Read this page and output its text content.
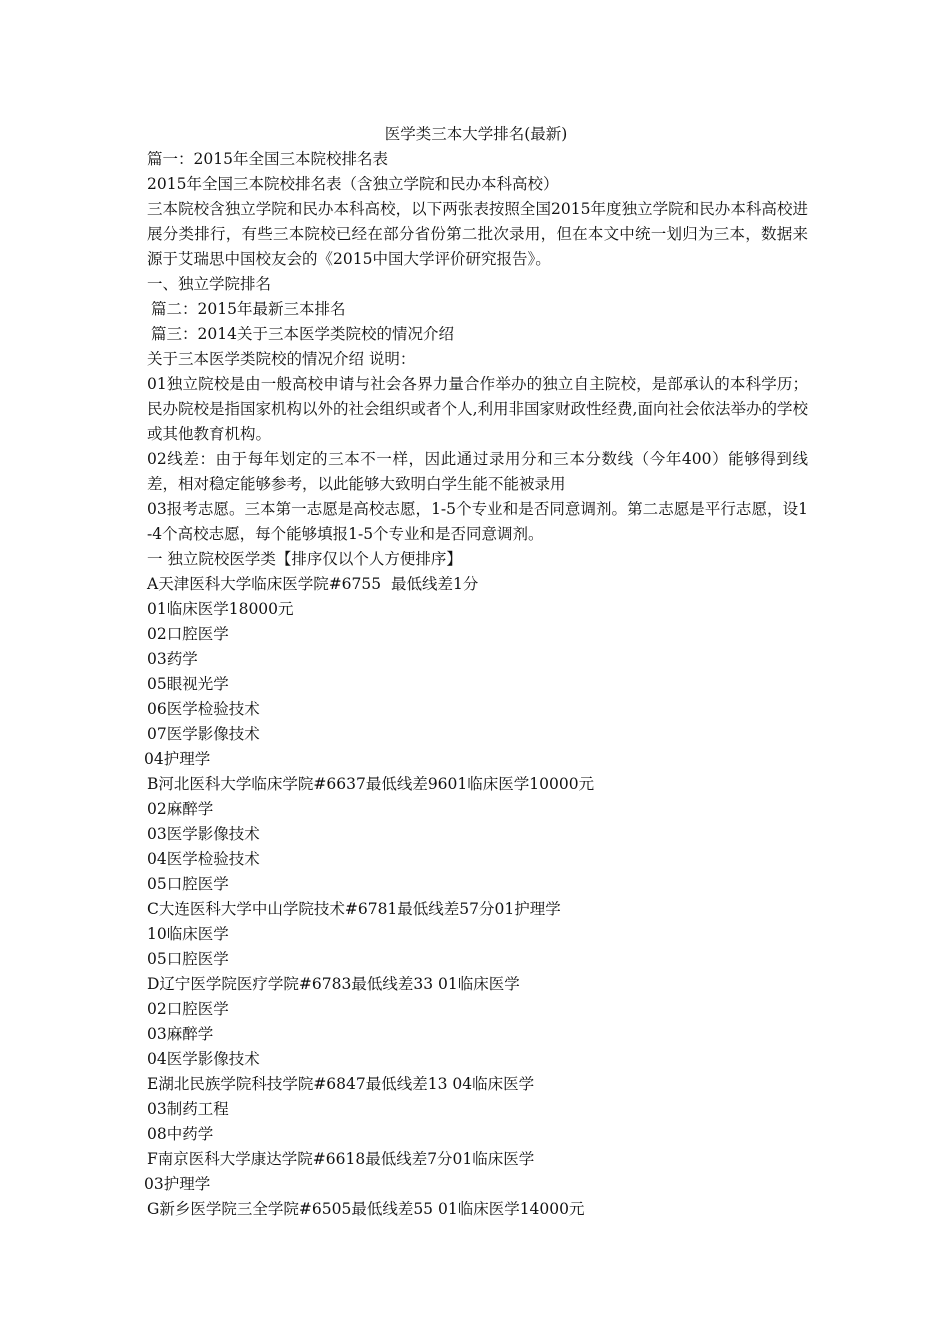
医学类三本大学排名(最新)

篇一：2015年全国三本院校排名表

2015年全国三本院校排名表（含独立学院和民办本科高校）

三本院校含独立学院和民办本科高校，以下两张表按照全国2015年度独立学院和民办本科高校进展分类排行，有些三本院校已经在部分省份第二批次录用，但在本文中统一划归为三本，数据来源于艾瑞思中国校友会的《2015中国大学评价研究报告》。

一、独立学院排名

篇二：2015年最新三本排名

篇三：2014关于三本医学类院校的情况介绍

关于三本医学类院校的情况介绍 说明：

01独立院校是由一般高校申请与社会各界力量合作举办的独立自主院校，是部承认的本科学历；民办院校是指国家机构以外的社会组织或者个人,利用非国家财政性经费,面向社会依法举办的学校或其他教育机构。

02线差：由于每年划定的三本不一样，因此通过录用分和三本分数线（今年400）能够得到线差，相对稳定能够参考，以此能够大致明白学生能不能被录用

03报考志愿。三本第一志愿是高校志愿，1-5个专业和是否同意调剂。第二志愿是平行志愿，设1-4个高校志愿，每个能够填报1-5个专业和是否同意调剂。

一 独立院校医学类【排序仅以个人方便排序】

A天津医科大学临床医学院#6755  最低线差1分

01临床医学18000元

02口腔医学

03药学

05眼视光学

06医学检验技术

07医学影像技术

04护理学

B河北医科大学临床学院#6637最低线差9601临床医学10000元

02麻醉学

03医学影像技术

04医学检验技术

05口腔医学

C大连医科大学中山学院技术#6781最低线差57分01护理学

10临床医学

05口腔医学

D辽宁医学院医疗学院#6783最低线差33 01临床医学

02口腔医学

03麻醉学

04医学影像技术

E湖北民族学院科技学院#6847最低线差13 04临床医学

03制药工程

08中药学

F南京医科大学康达学院#6618最低线差7分01临床医学

03护理学

G新乡医学院三全学院#6505最低线差55 01临床医学14000元
